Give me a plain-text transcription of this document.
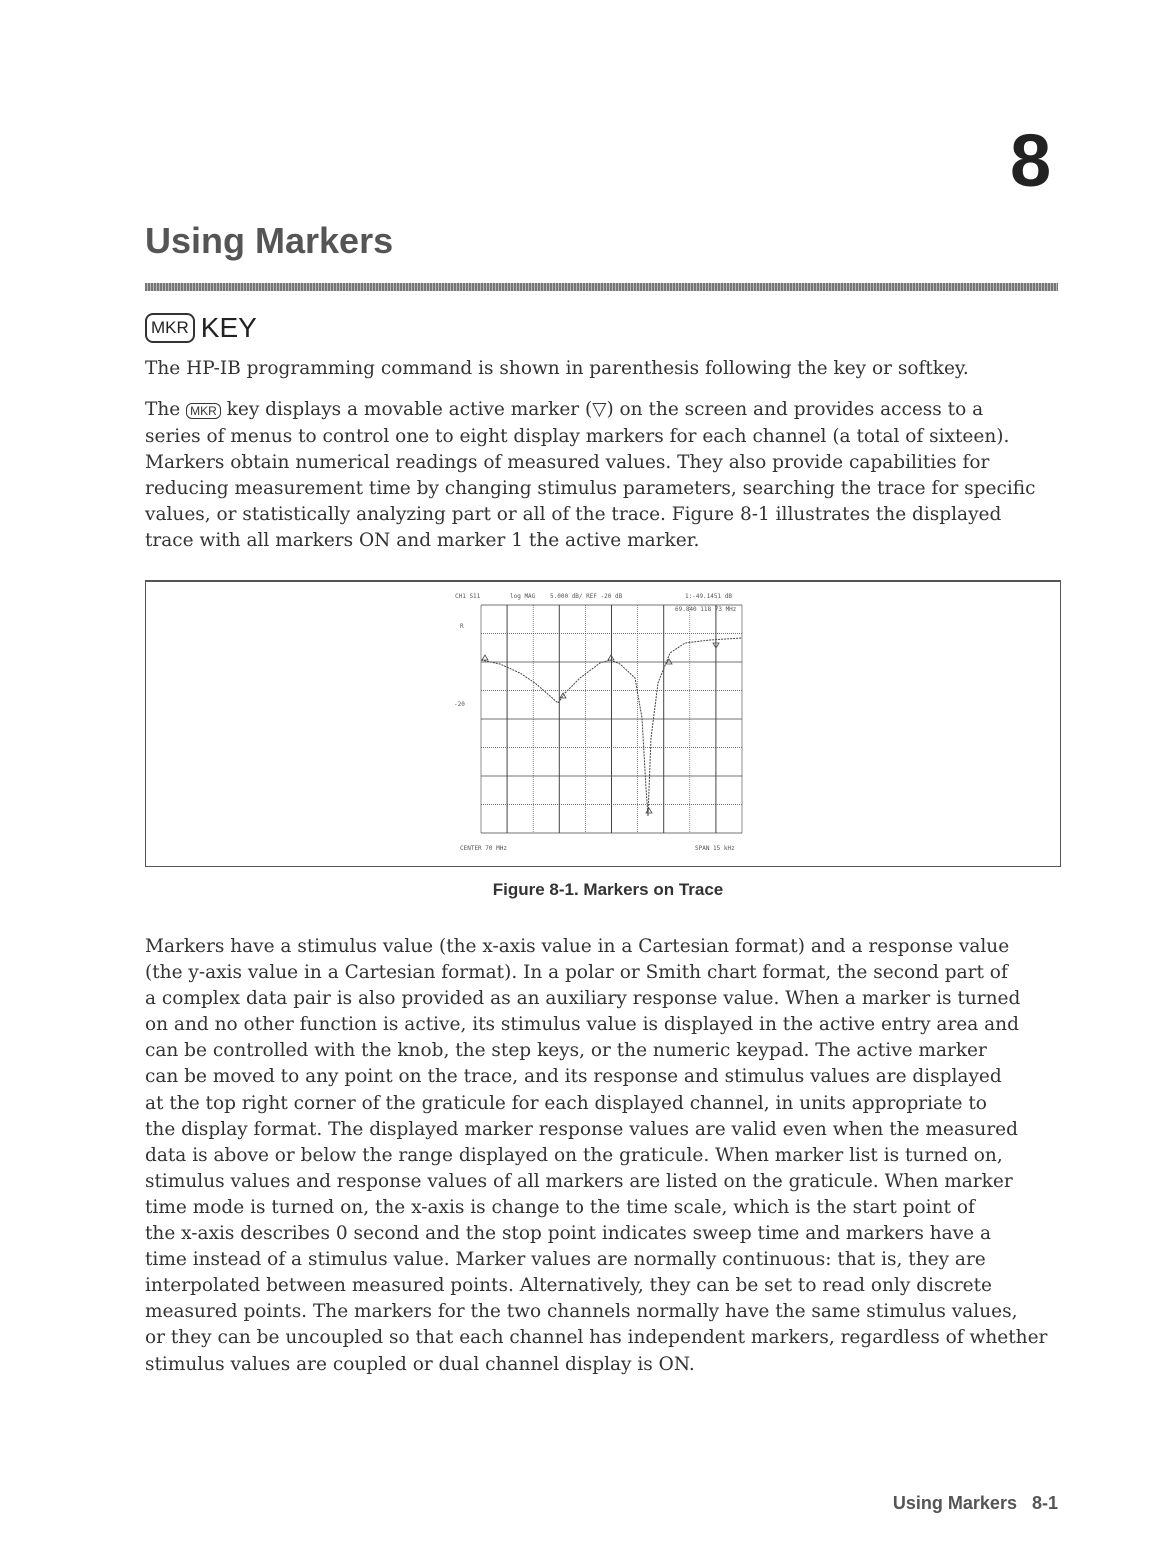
8
Using Markers
MKR KEY
The HP-IB programming command is shown in parenthesis following the key or softkey.
The MKR key displays a movable active marker (▽) on the screen and provides access to a
series of menus to control one to eight display markers for each channel (a total of sixteen).
Markers obtain numerical readings of measured values. They also provide capabilities for
reducing measurement time by changing stimulus parameters, searching the trace for specific
values, or statistically analyzing part or all of the trace. Figure 8-1 illustrates the displayed
trace with all markers ON and marker 1 the active marker.
CH1 S11	log MAG 5.000 dB/ REF -20 dB	1:-49.1451 dB
69.840 118 73 MHz
R
-20
CENTER 70 MHz	SPAN 15 kHz
Figure 8-1. Markers on Trace
Markers have a stimulus value (the x-axis value in a Cartesian format) and a response value
(the y-axis value in a Cartesian format). In a polar or Smith chart format, the second part of
a complex data pair is also provided as an auxiliary response value. When a marker is turned
on and no other function is active, its stimulus value is displayed in the active entry area and
can be controlled with the knob, the step keys, or the numeric keypad. The active marker
can be moved to any point on the trace, and its response and stimulus values are displayed
at the top right corner of the graticule for each displayed channel, in units appropriate to
the display format. The displayed marker response values are valid even when the measured
data is above or below the range displayed on the graticule. When marker list is turned on,
stimulus values and response values of all markers are listed on the graticule. When marker
time mode is turned on, the x-axis is change to the time scale, which is the start point of
the x-axis describes 0 second and the stop point indicates sweep time and markers have a
time instead of a stimulus value. Marker values are normally continuous: that is, they are
interpolated between measured points. Alternatively, they can be set to read only discrete
measured points. The markers for the two channels normally have the same stimulus values,
or they can be uncoupled so that each channel has independent markers, regardless of whether
stimulus values are coupled or dual channel display is ON.
Using Markers 8-1
